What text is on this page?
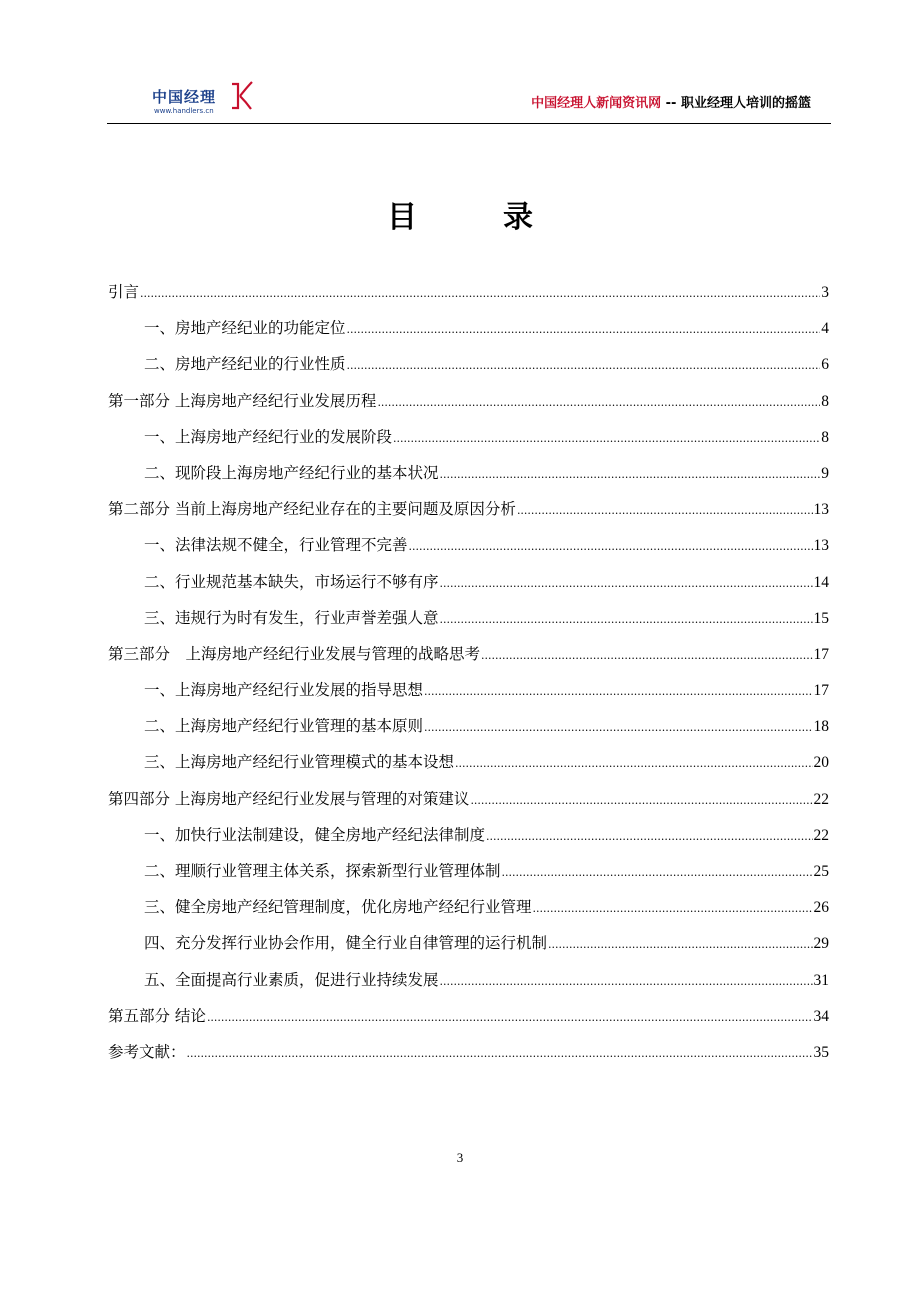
中国经理
www.handlers.cn	中国经理人新闻资讯网 -- 职业经理人培训的摇篮
目	录
引言 .....	3
一、房地产经纪业的功能定位 .....	4
二、房地产经纪业的行业性质 .....	6
第一部分 上海房地产经纪行业发展历程 .....	8
一、上海房地产经纪行业的发展阶段 .....	8
二、现阶段上海房地产经纪行业的基本状况 .....	9
第二部分 当前上海房地产经纪业存在的主要问题及原因分析 .....	13
一、法律法规不健全，行业管理不完善 .....	13
二、行业规范基本缺失，市场运行不够有序 .....	14
三、违规行为时有发生，行业声誉差强人意 .....	15
第三部分　上海房地产经纪行业发展与管理的战略思考 .....	17
一、上海房地产经纪行业发展的指导思想 .....	17
二、上海房地产经纪行业管理的基本原则 .....	18
三、上海房地产经纪行业管理模式的基本设想 .....	20
第四部分 上海房地产经纪行业发展与管理的对策建议 .....	22
一、加快行业法制建设，健全房地产经纪法律制度 .....	22
二、理顺行业管理主体关系，探索新型行业管理体制 .....	25
三、健全房地产经纪管理制度，优化房地产经纪行业管理 .....	26
四、充分发挥行业协会作用，健全行业自律管理的运行机制 .....	29
五、全面提高行业素质，促进行业持续发展 .....	31
第五部分 结论 .....	34
参考文献： .....	35
3
